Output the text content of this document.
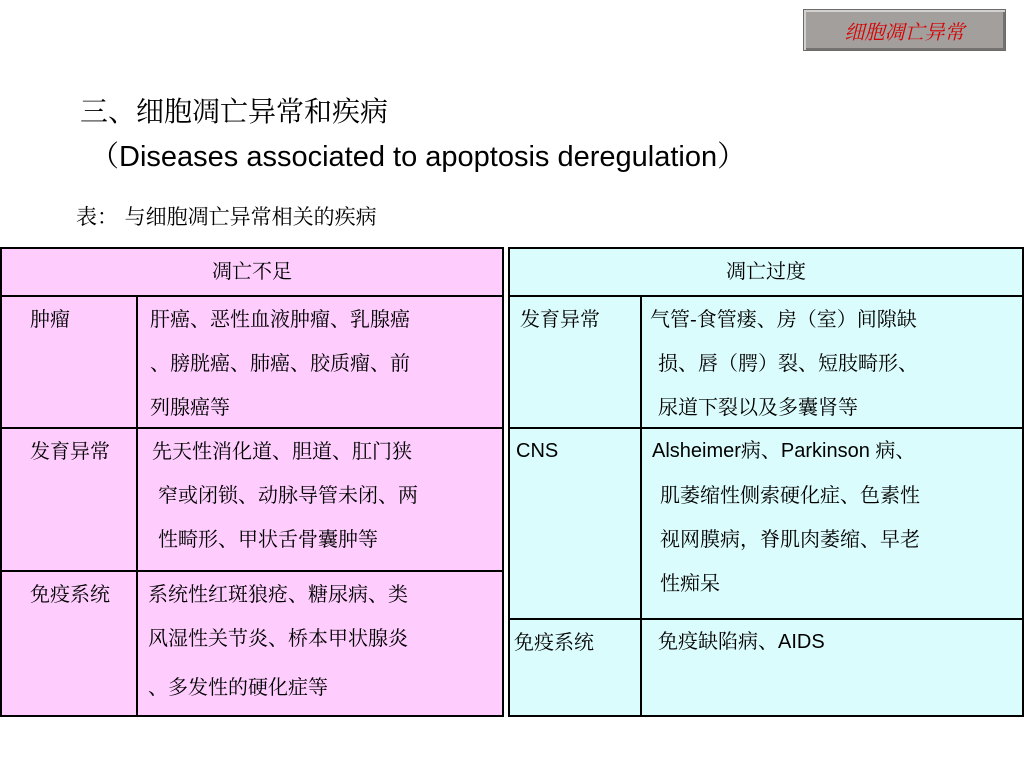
细胞凋亡异常
三、细胞凋亡异常和疾病
（Diseases associated to apoptosis deregulation）
表： 与细胞凋亡异常相关的疾病
凋亡不足	凋亡过度
肿瘤	肝癌、恶性血液肿瘤、乳腺癌
、膀胱癌、肺癌、胶质瘤、前
列腺癌等
发育异常	先天性消化道、胆道、肛门狭
窄或闭锁、动脉导管未闭、两
性畸形、甲状舌骨囊肿等
免疫系统	系统性红斑狼疮、糖尿病、类
风湿性关节炎、桥本甲状腺炎
、多发性的硬化症等
发育异常	气管-食管瘘、房（室）间隙缺
损、唇（腭）裂、短肢畸形、
尿道下裂以及多囊肾等
CNS	Alsheimer病、Parkinson 病、
肌萎缩性侧索硬化症、色素性
视网膜病，脊肌肉萎缩、早老
性痴呆
免疫系统	免疫缺陷病、AIDS
